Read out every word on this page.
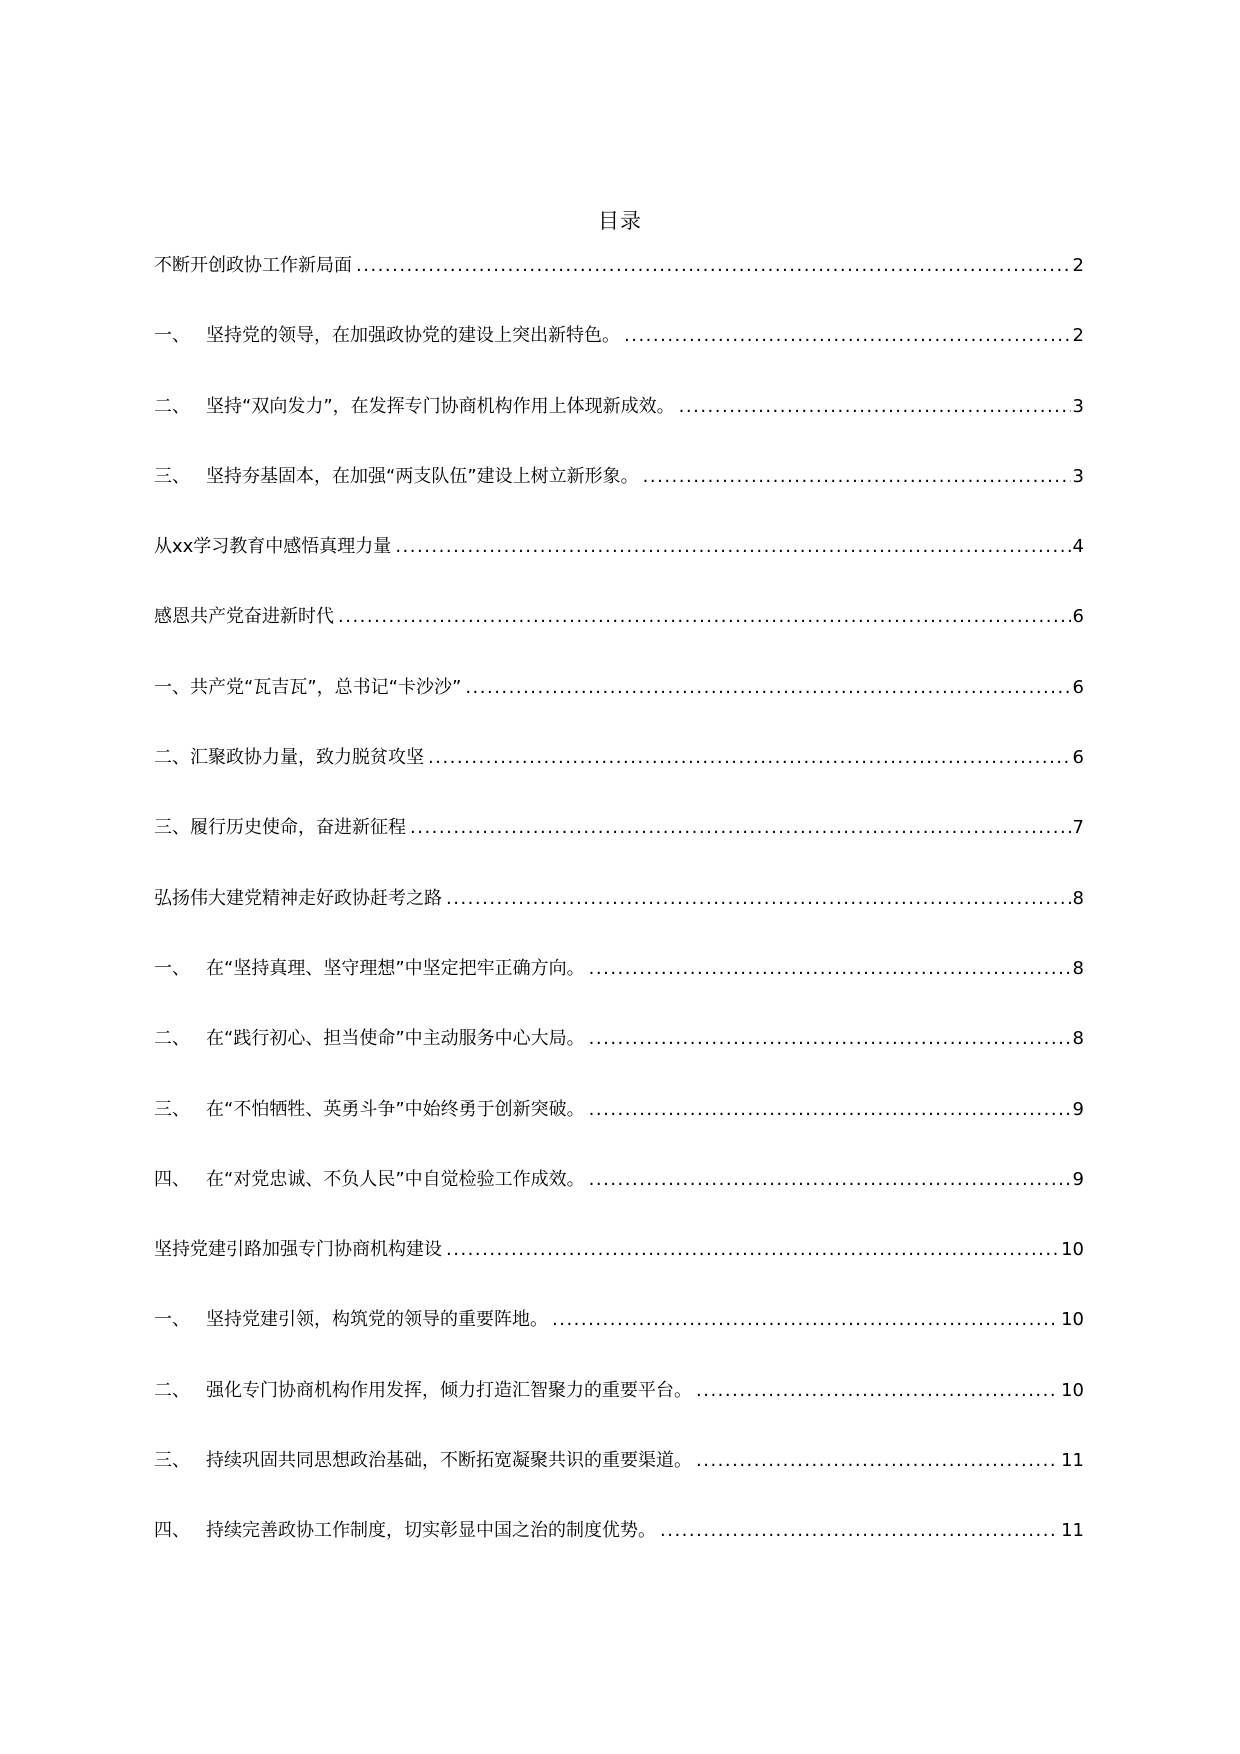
目录
不断开创政协工作新局面 .....	2
一、 坚持党的领导，在加强政协党的建设上突出新特色。 .....	2
二、 坚持“双向发力”，在发挥专门协商机构作用上体现新成效。 .....	3
三、 坚持夯基固本，在加强“两支队伍”建设上树立新形象。 .....	3
从xx学习教育中感悟真理力量 .....	4
感恩共产党奋进新时代 .....	6
一、共产党“瓦吉瓦”，总书记“卡沙沙” .....	6
二、汇聚政协力量，致力脱贫攻坚 .....	6
三、履行历史使命，奋进新征程 .....	7
弘扬伟大建党精神走好政协赶考之路 .....	8
一、 在“坚持真理、坚守理想”中坚定把牢正确方向。 .....	8
二、 在“践行初心、担当使命”中主动服务中心大局。 .....	8
三、 在“不怕牺牲、英勇斗争”中始终勇于创新突破。 .....	9
四、 在“对党忠诚、不负人民”中自觉检验工作成效。 .....	9
坚持党建引路加强专门协商机构建设 .....	10
一、 坚持党建引领，构筑党的领导的重要阵地。 .....	10
二、 强化专门协商机构作用发挥，倾力打造汇智聚力的重要平台。 .....	10
三、 持续巩固共同思想政治基础，不断拓宽凝聚共识的重要渠道。 .....	11
四、 持续完善政协工作制度，切实彰显中国之治的制度优势。 .....	11
